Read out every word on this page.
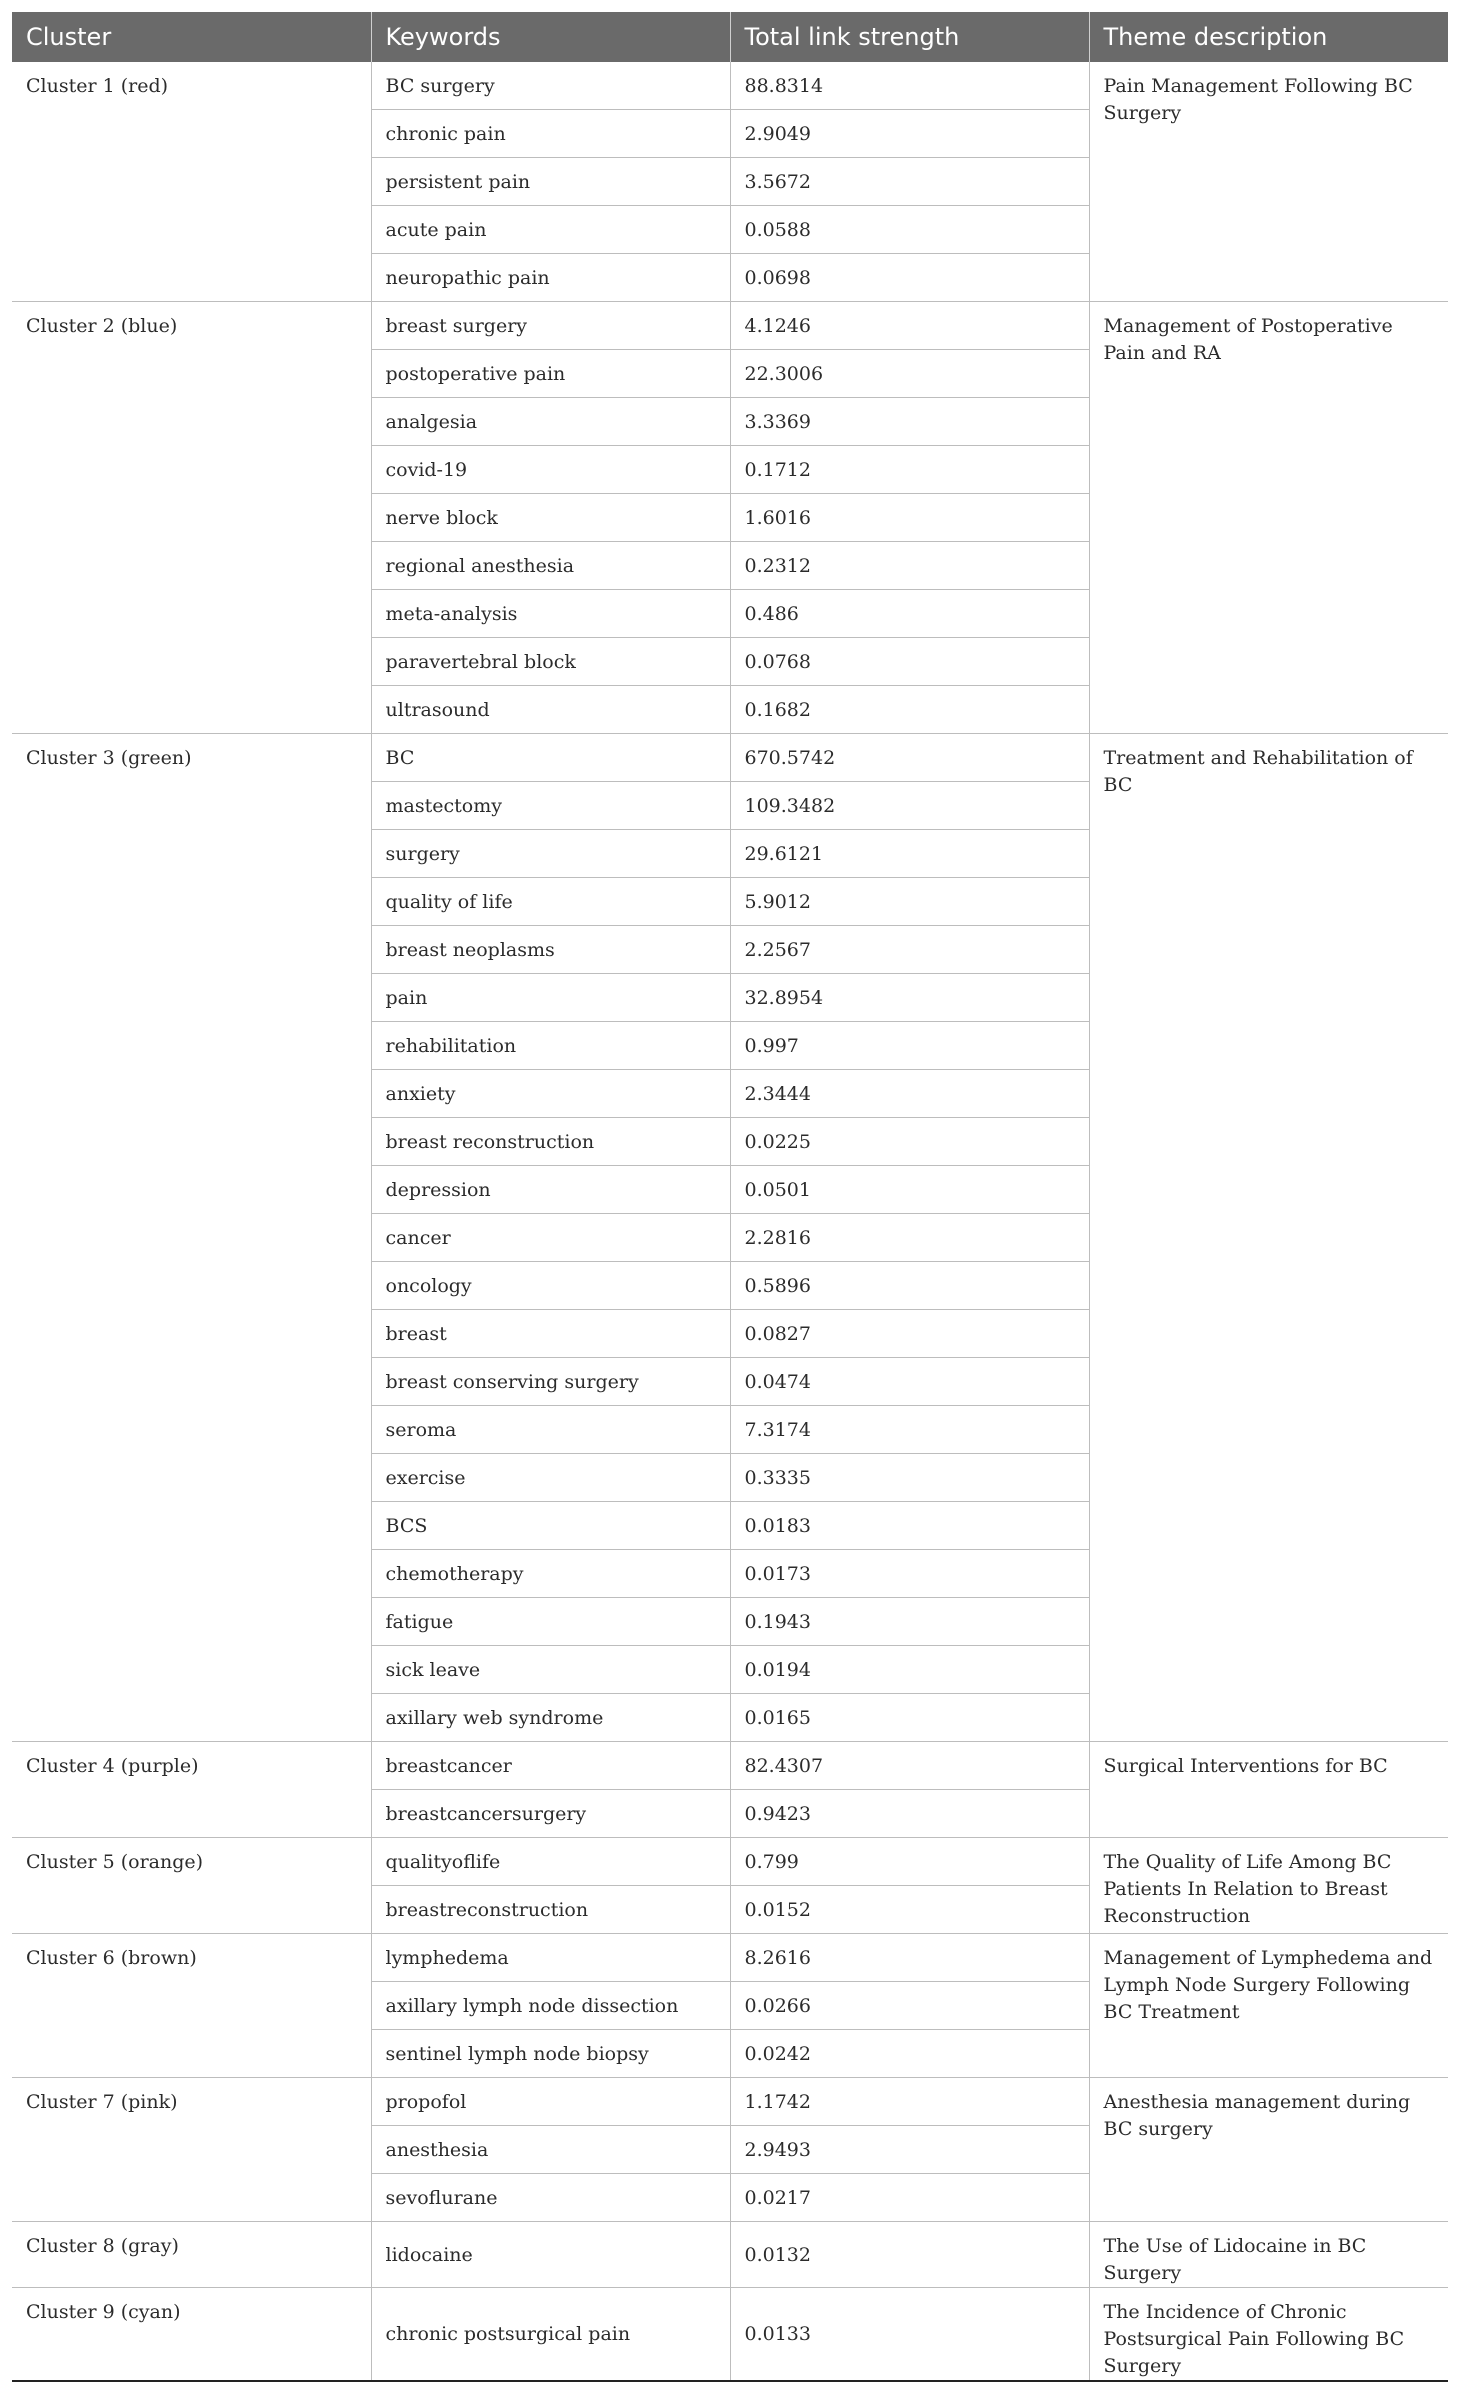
Cluster	Keywords	Total link strength	Theme description
Cluster 1 (red)	BC surgery	88.8314	Pain Management Following BC Surgery
	chronic pain	2.9049	
	persistent pain	3.5672	
	acute pain	0.0588	
	neuropathic pain	0.0698	
Cluster 2 (blue)	breast surgery	4.1246	Management of Postoperative Pain and RA
	postoperative pain	22.3006	
	analgesia	3.3369	
	covid-19	0.1712	
	nerve block	1.6016	
	regional anesthesia	0.2312	
	meta-analysis	0.486	
	paravertebral block	0.0768	
	ultrasound	0.1682	
Cluster 3 (green)	BC	670.5742	Treatment and Rehabilitation of BC
	mastectomy	109.3482	
	surgery	29.6121	
	quality of life	5.9012	
	breast neoplasms	2.2567	
	pain	32.8954	
	rehabilitation	0.997	
	anxiety	2.3444	
	breast reconstruction	0.0225	
	depression	0.0501	
	cancer	2.2816	
	oncology	0.5896	
	breast	0.0827	
	breast conserving surgery	0.0474	
	seroma	7.3174	
	exercise	0.3335	
	BCS	0.0183	
	chemotherapy	0.0173	
	fatigue	0.1943	
	sick leave	0.0194	
	axillary web syndrome	0.0165	
Cluster 4 (purple)	breastcancer	82.4307	Surgical Interventions for BC
	breastcancersurgery	0.9423	
Cluster 5 (orange)	qualityoflife	0.799	The Quality of Life Among BC Patients In Relation to Breast Reconstruction
	breastreconstruction	0.0152	
Cluster 6 (brown)	lymphedema	8.2616	Management of Lymphedema and Lymph Node Surgery Following BC Treatment
	axillary lymph node dissection	0.0266	
	sentinel lymph node biopsy	0.0242	
Cluster 7 (pink)	propofol	1.1742	Anesthesia management during BC surgery
	anesthesia	2.9493	
	sevoflurane	0.0217	
Cluster 8 (gray)	lidocaine	0.0132	The Use of Lidocaine in BC Surgery
Cluster 9 (cyan)	chronic postsurgical pain	0.0133	The Incidence of Chronic Postsurgical Pain Following BC Surgery
